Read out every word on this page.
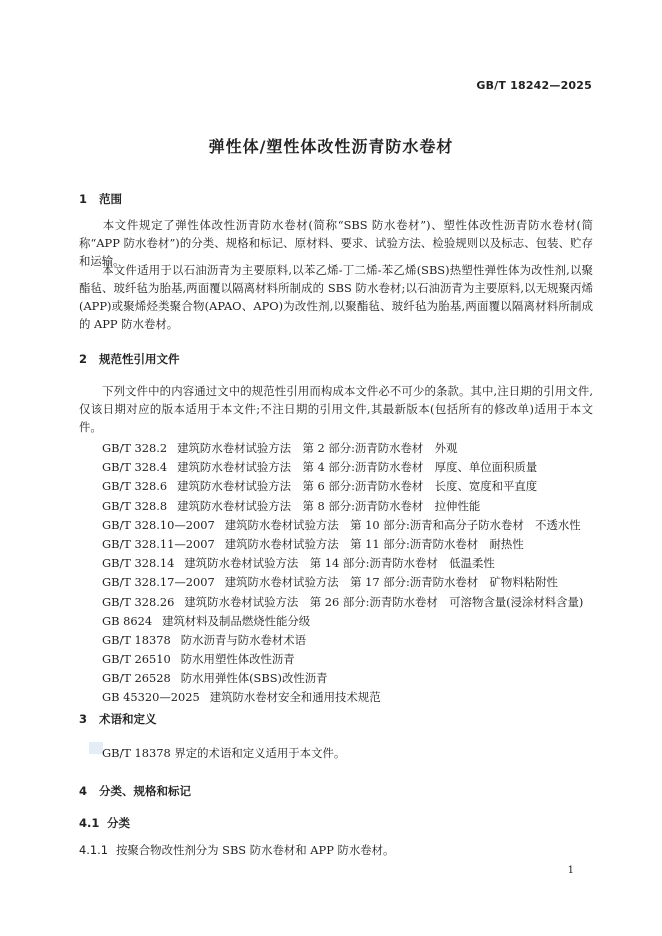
GB/T 18242—2025
弹性体/塑性体改性沥青防水卷材
1 范围
本文件规定了弹性体改性沥青防水卷材(简称“SBS 防水卷材”)、塑性体改性沥青防水卷材(简称“APP 防水卷材”)的分类、规格和标记、原材料、要求、试验方法、检验规则以及标志、包装、贮存和运输。
本文件适用于以石油沥青为主要原料,以苯乙烯-丁二烯-苯乙烯(SBS)热塑性弹性体为改性剂,以聚酯毡、玻纤毡为胎基,两面覆以隔离材料所制成的 SBS 防水卷材;以石油沥青为主要原料,以无规聚丙烯(APP)或聚烯烃类聚合物(APAO、APO)为改性剂,以聚酯毡、玻纤毡为胎基,两面覆以隔离材料所制成的 APP 防水卷材。
2 规范性引用文件
下列文件中的内容通过文中的规范性引用而构成本文件必不可少的条款。其中,注日期的引用文件,仅该日期对应的版本适用于本文件;不注日期的引用文件,其最新版本(包括所有的修改单)适用于本文件。
GB/T 328.2 建筑防水卷材试验方法　第 2 部分:沥青防水卷材　外观
GB/T 328.4 建筑防水卷材试验方法　第 4 部分:沥青防水卷材　厚度、单位面积质量
GB/T 328.6 建筑防水卷材试验方法　第 6 部分:沥青防水卷材　长度、宽度和平直度
GB/T 328.8 建筑防水卷材试验方法　第 8 部分:沥青防水卷材　拉伸性能
GB/T 328.10—2007 建筑防水卷材试验方法　第 10 部分:沥青和高分子防水卷材　不透水性
GB/T 328.11—2007 建筑防水卷材试验方法　第 11 部分:沥青防水卷材　耐热性
GB/T 328.14 建筑防水卷材试验方法　第 14 部分:沥青防水卷材　低温柔性
GB/T 328.17—2007 建筑防水卷材试验方法　第 17 部分:沥青防水卷材　矿物料粘附性
GB/T 328.26 建筑防水卷材试验方法　第 26 部分:沥青防水卷材　可溶物含量(浸涂材料含量)
GB 8624 建筑材料及制品燃烧性能分级
GB/T 18378 防水沥青与防水卷材术语
GB/T 26510 防水用塑性体改性沥青
GB/T 26528 防水用弹性体(SBS)改性沥青
GB 45320—2025 建筑防水卷材安全和通用技术规范
3 术语和定义
GB/T 18378 界定的术语和定义适用于本文件。
4 分类、规格和标记
4.1 分类
4.1.1 按聚合物改性剂分为 SBS 防水卷材和 APP 防水卷材。
1
